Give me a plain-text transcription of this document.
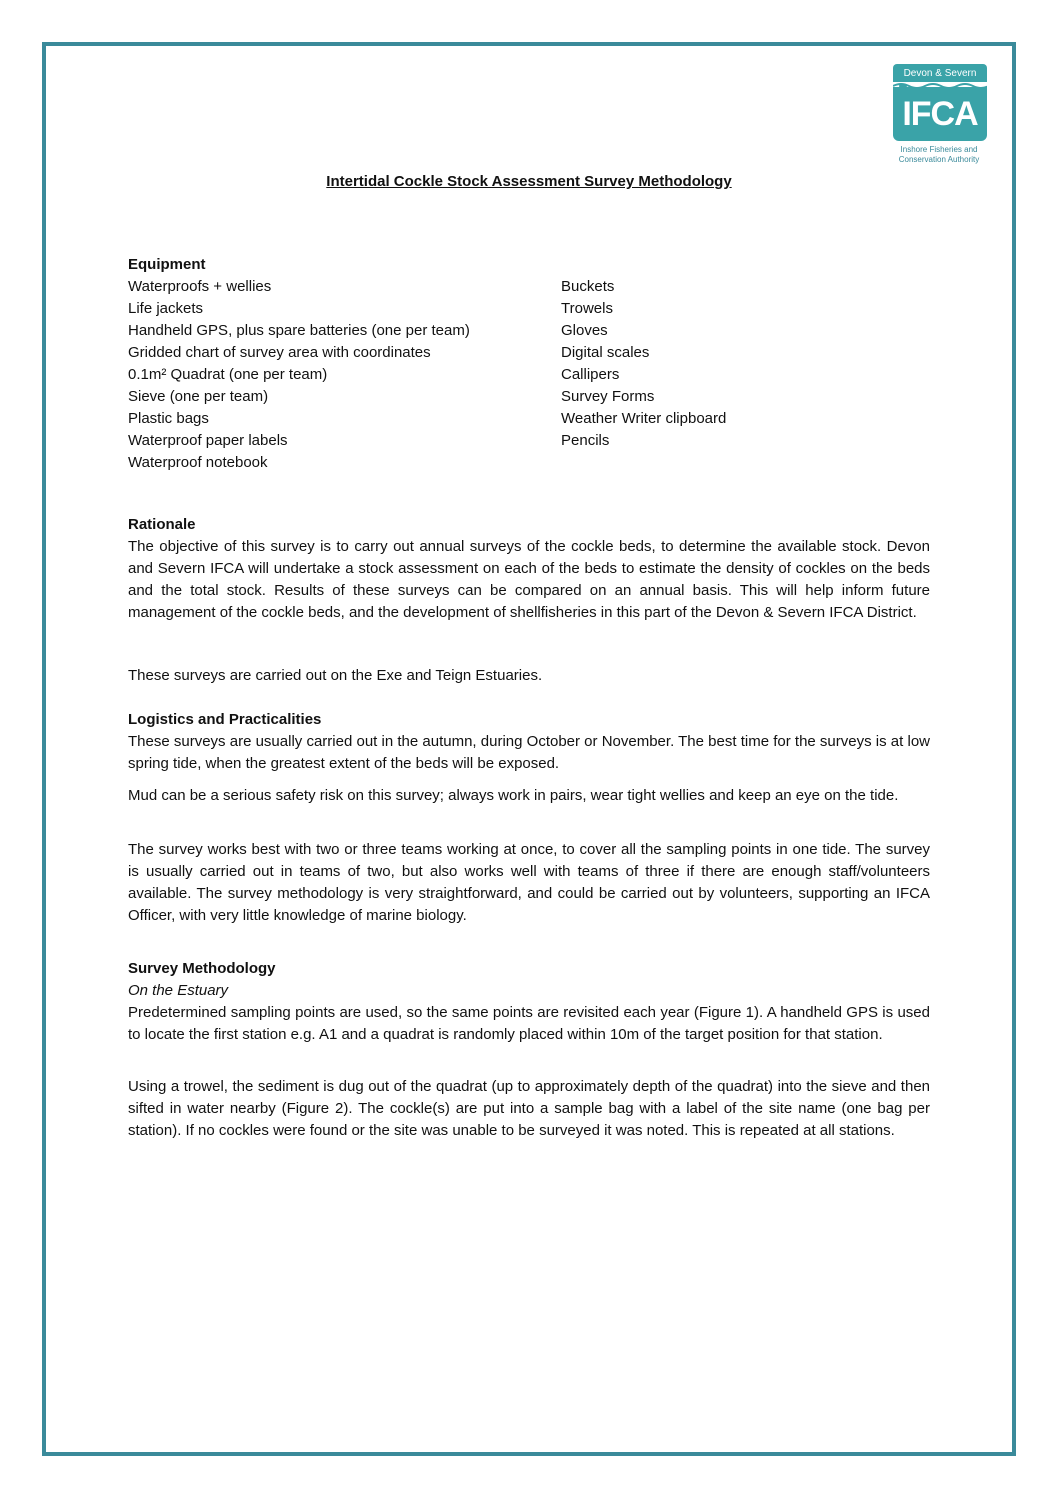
Devon & Severn
IFCA
Inshore Fisheries and
Conservation Authority
Intertidal Cockle Stock Assessment Survey Methodology
Equipment
Waterproofs + wellies
Life jackets
Handheld GPS, plus spare batteries (one per team)
Gridded chart of survey area with coordinates
0.1m² Quadrat (one per team)
Sieve (one per team)
Plastic bags
Waterproof paper labels
Waterproof notebook
Buckets
Trowels
Gloves
Digital scales
Callipers
Survey Forms
Weather Writer clipboard
Pencils
Rationale

The objective of this survey is to carry out annual surveys of the cockle beds, to determine the available stock. Devon and Severn IFCA will undertake a stock assessment on each of the beds to estimate the density of cockles on the beds and the total stock. Results of these surveys can be compared on an annual basis. This will help inform future management of the cockle beds, and the development of shellfisheries in this part of the Devon & Severn IFCA District.

These surveys are carried out on the Exe and Teign Estuaries.

Logistics and Practicalities

These surveys are usually carried out in the autumn, during October or November. The best time for the surveys is at low spring tide, when the greatest extent of the beds will be exposed.

Mud can be a serious safety risk on this survey; always work in pairs, wear tight wellies and keep an eye on the tide.

The survey works best with two or three teams working at once, to cover all the sampling points in one tide. The survey is usually carried out in teams of two, but also works well with teams of three if there are enough staff/volunteers available. The survey methodology is very straightforward, and could be carried out by volunteers, supporting an IFCA Officer, with very little knowledge of marine biology.

Survey Methodology
On the Estuary

Predetermined sampling points are used, so the same points are revisited each year (Figure 1). A handheld GPS is used to locate the first station e.g. A1 and a quadrat is randomly placed within 10m of the target position for that station.

Using a trowel, the sediment is dug out of the quadrat (up to approximately depth of the quadrat) into the sieve and then sifted in water nearby (Figure 2). The cockle(s) are put into a sample bag with a label of the site name (one bag per station). If no cockles were found or the site was unable to be surveyed it was noted. This is repeated at all stations.
